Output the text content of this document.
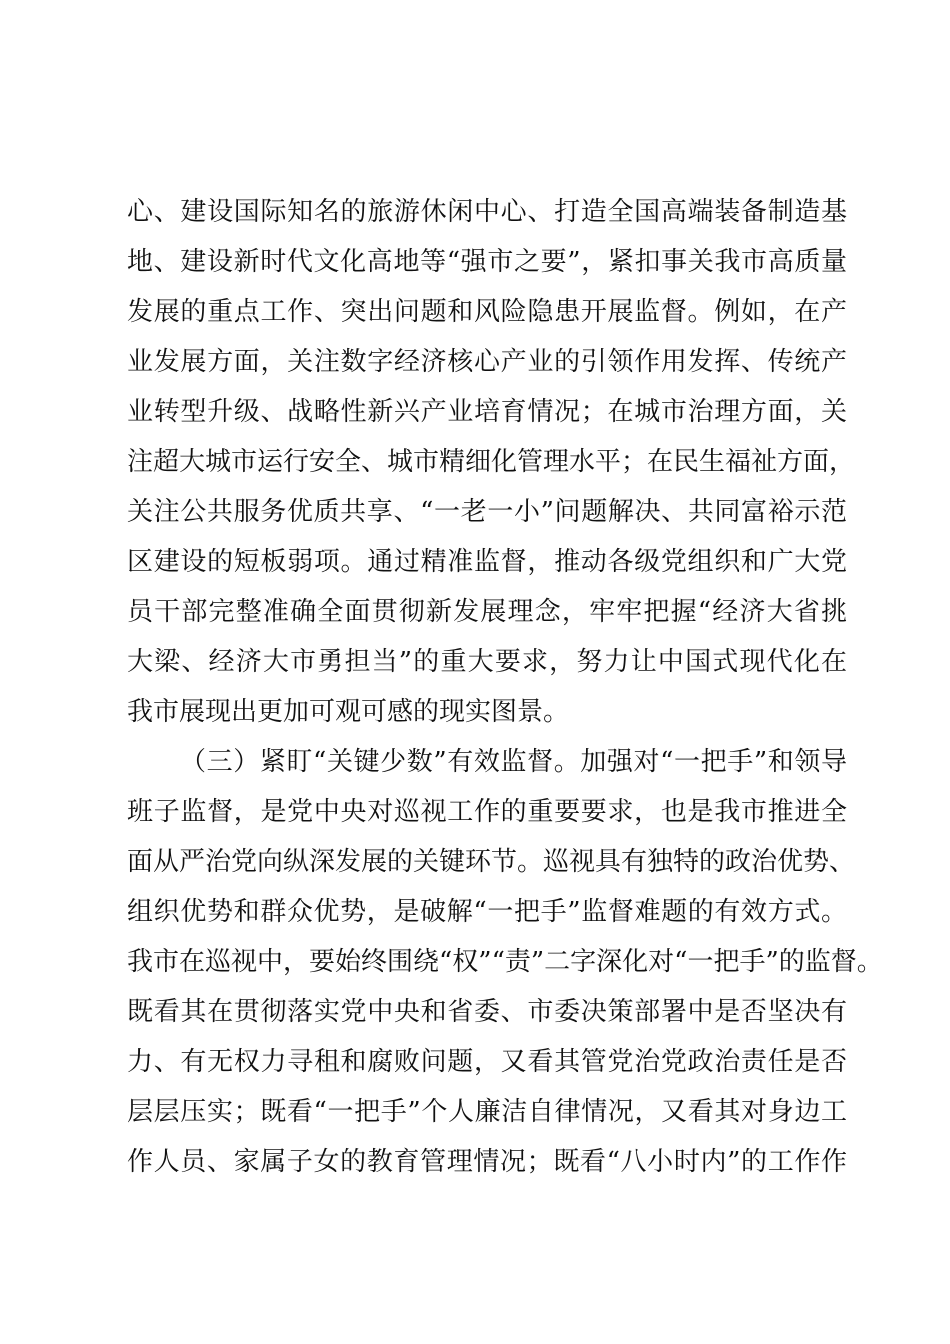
心、建设国际知名的旅游休闲中心、打造全国高端装备制造基
地、建设新时代文化高地等“强市之要”，紧扣事关我市高质量
发展的重点工作、突出问题和风险隐患开展监督。例如，在产
业发展方面，关注数字经济核心产业的引领作用发挥、传统产
业转型升级、战略性新兴产业培育情况；在城市治理方面，关
注超大城市运行安全、城市精细化管理水平；在民生福祉方面，
关注公共服务优质共享、“一老一小”问题解决、共同富裕示范
区建设的短板弱项。通过精准监督，推动各级党组织和广大党
员干部完整准确全面贯彻新发展理念，牢牢把握“经济大省挑
大梁、经济大市勇担当”的重大要求，努力让中国式现代化在
我市展现出更加可观可感的现实图景。
（三）紧盯“关键少数”有效监督。加强对“一把手”和领导
班子监督，是党中央对巡视工作的重要要求，也是我市推进全
面从严治党向纵深发展的关键环节。巡视具有独特的政治优势、
组织优势和群众优势，是破解“一把手”监督难题的有效方式。
我市在巡视中，要始终围绕“权”“责”二字深化对“一把手”的监督。
既看其在贯彻落实党中央和省委、市委决策部署中是否坚决有
力、有无权力寻租和腐败问题，又看其管党治党政治责任是否
层层压实；既看“一把手”个人廉洁自律情况，又看其对身边工
作人员、家属子女的教育管理情况；既看“八小时内”的工作作
